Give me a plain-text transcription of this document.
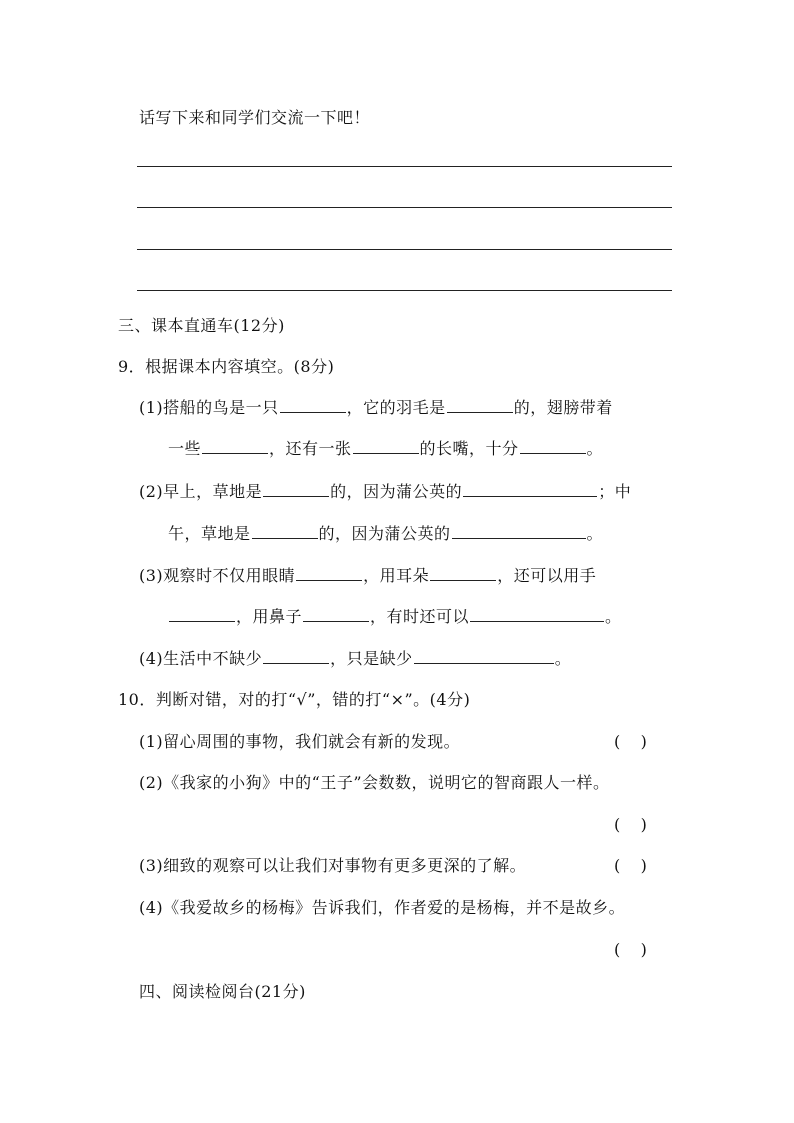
话写下来和同学们交流一下吧！
三、课本直通车(12分)
9．根据课本内容填空。(8分)
(1)搭船的鸟是一只	，它的羽毛是	的，翅膀带着
一些	，还有一张	的长嘴，十分	。
(2)早上，草地是	的，因为蒲公英的	；中
午，草地是	的，因为蒲公英的	。
(3)观察时不仅用眼睛	，用耳朵	，还可以用手
，用鼻子	，有时还可以	。
(4)生活中不缺少	，只是缺少	。
10．判断对错，对的打“√”，错的打“×”。(4分)
(1)留心周围的事物，我们就会有新的发现。	(    )
(2)《我家的小狗》中的“王子”会数数，说明它的智商跟人一样。
(    )
(3)细致的观察可以让我们对事物有更多更深的了解。	(    )
(4)《我爱故乡的杨梅》告诉我们，作者爱的是杨梅，并不是故乡。
(    )
四、阅读检阅台(21分)
